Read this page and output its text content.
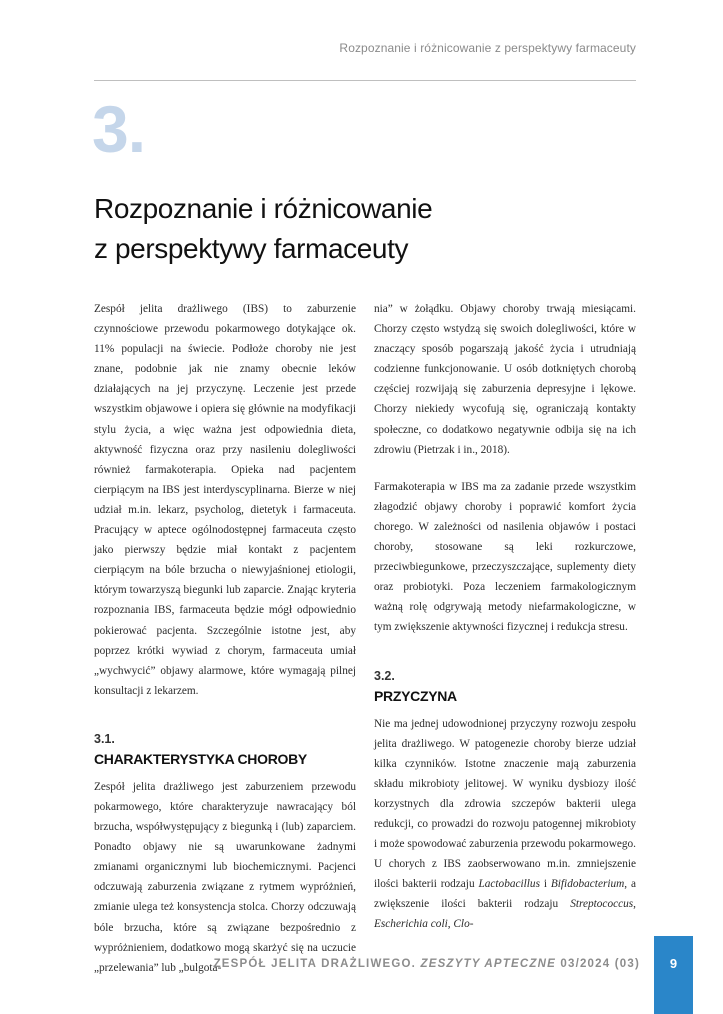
Rozpoznanie i różnicowanie z perspektywy farmaceuty
3.
Rozpoznanie i różnicowanie
z perspektywy farmaceuty

Zespół jelita drażliwego (IBS) to zaburzenie czynnościowe przewodu pokarmowego dotykające ok. 11% populacji na świecie. Podłoże choroby nie jest znane, podobnie jak nie znamy obecnie leków działających na jej przyczynę. Leczenie jest przede wszystkim objawowe i opiera się głównie na modyfikacji stylu życia, a więc ważna jest odpowiednia dieta, aktywność fizyczna oraz przy nasileniu dolegliwości również farmakoterapia. Opieka nad pacjentem cierpiącym na IBS jest interdyscyplinarna. Bierze w niej udział m.in. lekarz, psycholog, dietetyk i farmaceuta. Pracujący w aptece ogólnodostępnej farmaceuta często jako pierwszy będzie miał kontakt z pacjentem cierpiącym na bóle brzucha o niewyjaśnionej etiologii, którym towarzyszą biegunki lub zaparcie. Znając kryteria rozpoznania IBS, farmaceuta będzie mógł odpowiednio pokierować pacjenta. Szczególnie istotne jest, aby poprzez krótki wywiad z chorym, farmaceuta umiał „wychwycić” objawy alarmowe, które wymagają pilnej konsultacji z lekarzem.

3.1.
CHARAKTERYSTYKA CHOROBY

Zespół jelita drażliwego jest zaburzeniem przewodu pokarmowego, które charakteryzuje nawracający ból brzucha, współwystępujący z biegunką i (lub) zaparciem. Ponadto objawy nie są uwarunkowane żadnymi zmianami organicznymi lub biochemicznymi. Pacjenci odczuwają zaburzenia związane z rytmem wypróżnień, zmianie ulega też konsystencja stolca. Chorzy odczuwają bóle brzucha, które są związane bezpośrednio z wypróżnieniem, dodatkowo mogą skarżyć się na uczucie „przelewania” lub „bulgota-

nia” w żołądku. Objawy choroby trwają miesiącami. Chorzy często wstydzą się swoich dolegliwości, które w znaczący sposób pogarszają jakość życia i utrudniają codzienne funkcjonowanie. U osób dotkniętych chorobą częściej rozwijają się zaburzenia depresyjne i lękowe. Chorzy niekiedy wycofują się, ograniczają kontakty społeczne, co dodatkowo negatywnie odbija się na ich zdrowiu (Pietrzak i in., 2018).

Farmakoterapia w IBS ma za zadanie przede wszystkim złagodzić objawy choroby i poprawić komfort życia chorego. W zależności od nasilenia objawów i postaci choroby, stosowane są leki rozkurczowe, przeciwbiegunkowe, przeczyszczające, suplementy diety oraz probiotyki. Poza leczeniem farmakologicznym ważną rolę odgrywają metody niefarmakologiczne, w tym zwiększenie aktywności fizycznej i redukcja stresu.

3.2.
PRZYCZYNA

Nie ma jednej udowodnionej przyczyny rozwoju zespołu jelita drażliwego. W patogenezie choroby bierze udział kilka czynników. Istotne znaczenie mają zaburzenia składu mikrobioty jelitowej. W wyniku dysbiozy ilość korzystnych dla zdrowia szczepów bakterii ulega redukcji, co prowadzi do rozwoju patogennej mikrobioty i może spowodować zaburzenia przewodu pokarmowego. U chorych z IBS zaobserwowano m.in. zmniejszenie ilości bakterii rodzaju Lactobacillus i Bifidobacterium, a zwiększenie ilości bakterii rodzaju Streptococcus, Escherichia coli, Clo-

ZESPÓŁ JELITA DRAŻLIWEGO. ZESZYTY APTECZNE 03/2024 (03)	9
